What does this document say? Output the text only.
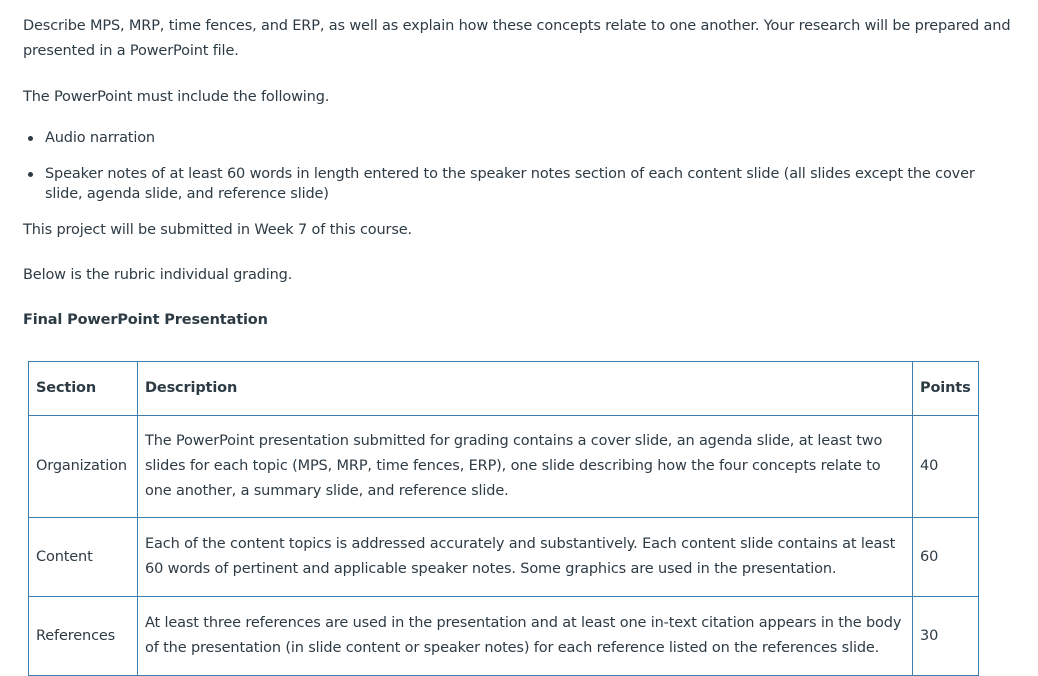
Describe MPS, MRP, time fences, and ERP, as well as explain how these concepts relate to one another. Your research will be prepared and presented in a PowerPoint file.

The PowerPoint must include the following.

Audio narration
Speaker notes of at least 60 words in length entered to the speaker notes section of each content slide (all slides except the cover slide, agenda slide, and reference slide)

This project will be submitted in Week 7 of this course.

Below is the rubric individual grading.

Final PowerPoint Presentation

Section	Description	Points
Organization	The PowerPoint presentation submitted for grading contains a cover slide, an agenda slide, at least two slides for each topic (MPS, MRP, time fences, ERP), one slide describing how the four concepts relate to one another, a summary slide, and reference slide.	40
Content	Each of the content topics is addressed accurately and substantively. Each content slide contains at least 60 words of pertinent and applicable speaker notes. Some graphics are used in the presentation.	60
References	At least three references are used in the presentation and at least one in-text citation appears in the body of the presentation (in slide content or speaker notes) for each reference listed on the references slide.	30
